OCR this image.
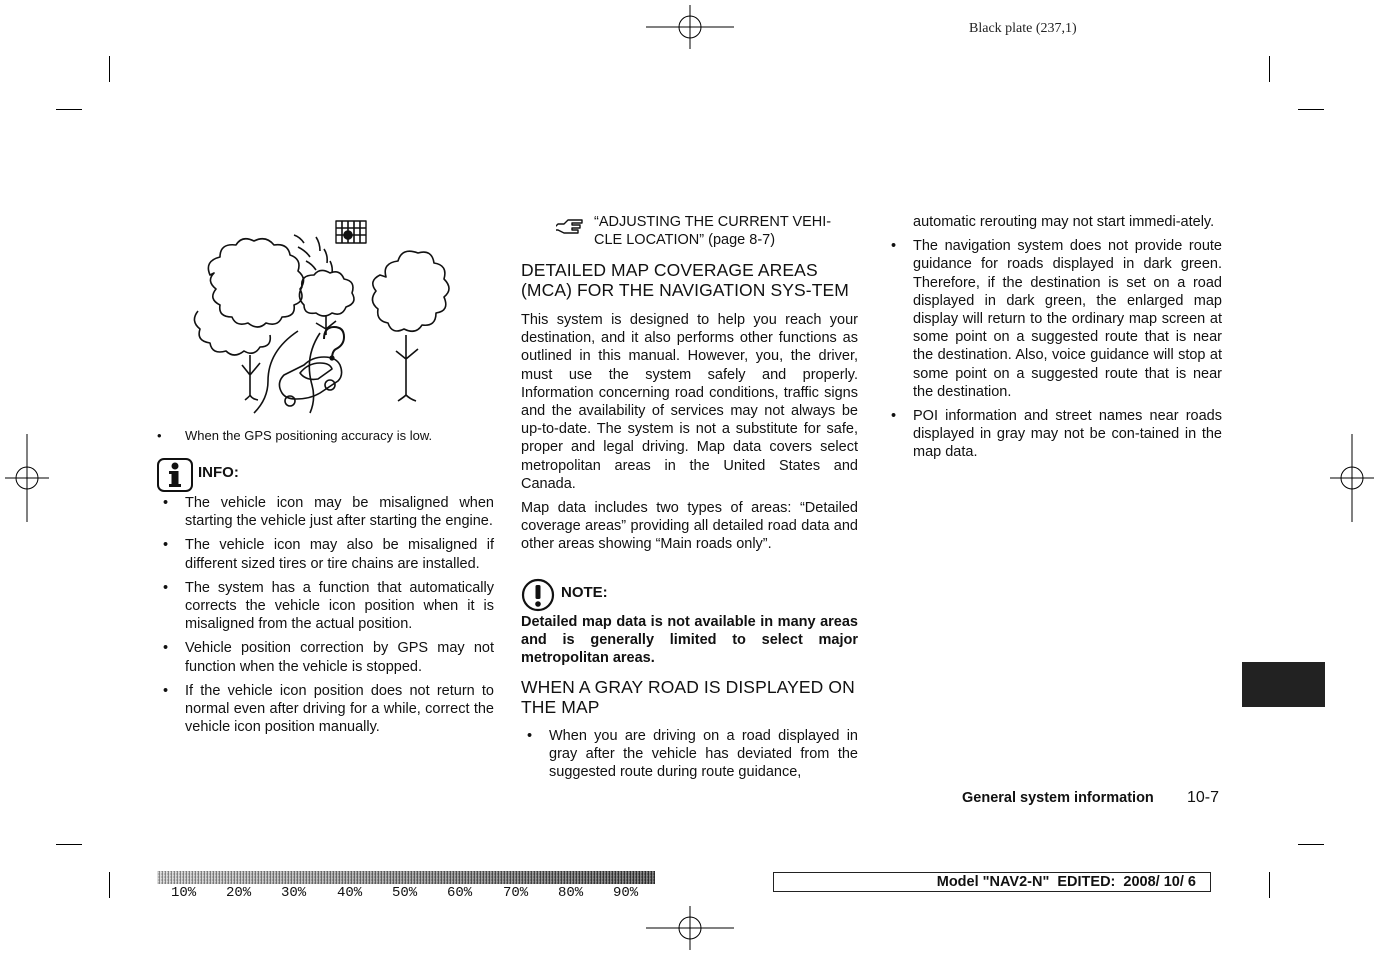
Black plate (237,1)
• When the GPS positioning accuracy is low.
INFO:
• The vehicle icon may be misaligned when starting the vehicle just after starting the engine.
• The vehicle icon may also be misaligned if different sized tires or tire chains are installed.
• The system has a function that automatically corrects the vehicle icon position when it is misaligned from the actual position.
• Vehicle position correction by GPS may not function when the vehicle is stopped.
• If the vehicle icon position does not return to normal even after driving for a while, correct the vehicle icon position manually.

“ADJUSTING THE CURRENT VEHI-CLE LOCATION” (page 8-7)

DETAILED MAP COVERAGE AREAS (MCA) FOR THE NAVIGATION SYS-TEM

This system is designed to help you reach your destination, and it also performs other functions as outlined in this manual. However, you, the driver, must use the system safely and properly. Information concerning road conditions, traffic signs and the availability of services may not always be up-to-date. The system is not a substitute for safe, proper and legal driving. Map data covers select metropolitan areas in the United States and Canada.

Map data includes two types of areas: “Detailed coverage areas” providing all detailed road data and other areas showing “Main roads only”.

NOTE:

Detailed map data is not available in many areas and is generally limited to select major metropolitan areas.

WHEN A GRAY ROAD IS DISPLAYED ON THE MAP

• When you are driving on a road displayed in gray after the vehicle has deviated from the suggested route during route guidance,

automatic rerouting may not start immedi-ately.

• The navigation system does not provide route guidance for roads displayed in dark green. Therefore, if the destination is set on a road displayed in dark green, the enlarged map display will return to the ordinary map screen at some point on a suggested route that is near the destination. Also, voice guidance will stop at some point on a suggested route that is near the destination.
• POI information and street names near roads displayed in gray may not be con-tained in the map data.
General system information 10-7
10% 20% 30% 40% 50% 60% 70% 80% 90%
Model "NAV2-N"  EDITED:  2008/ 10/ 6
